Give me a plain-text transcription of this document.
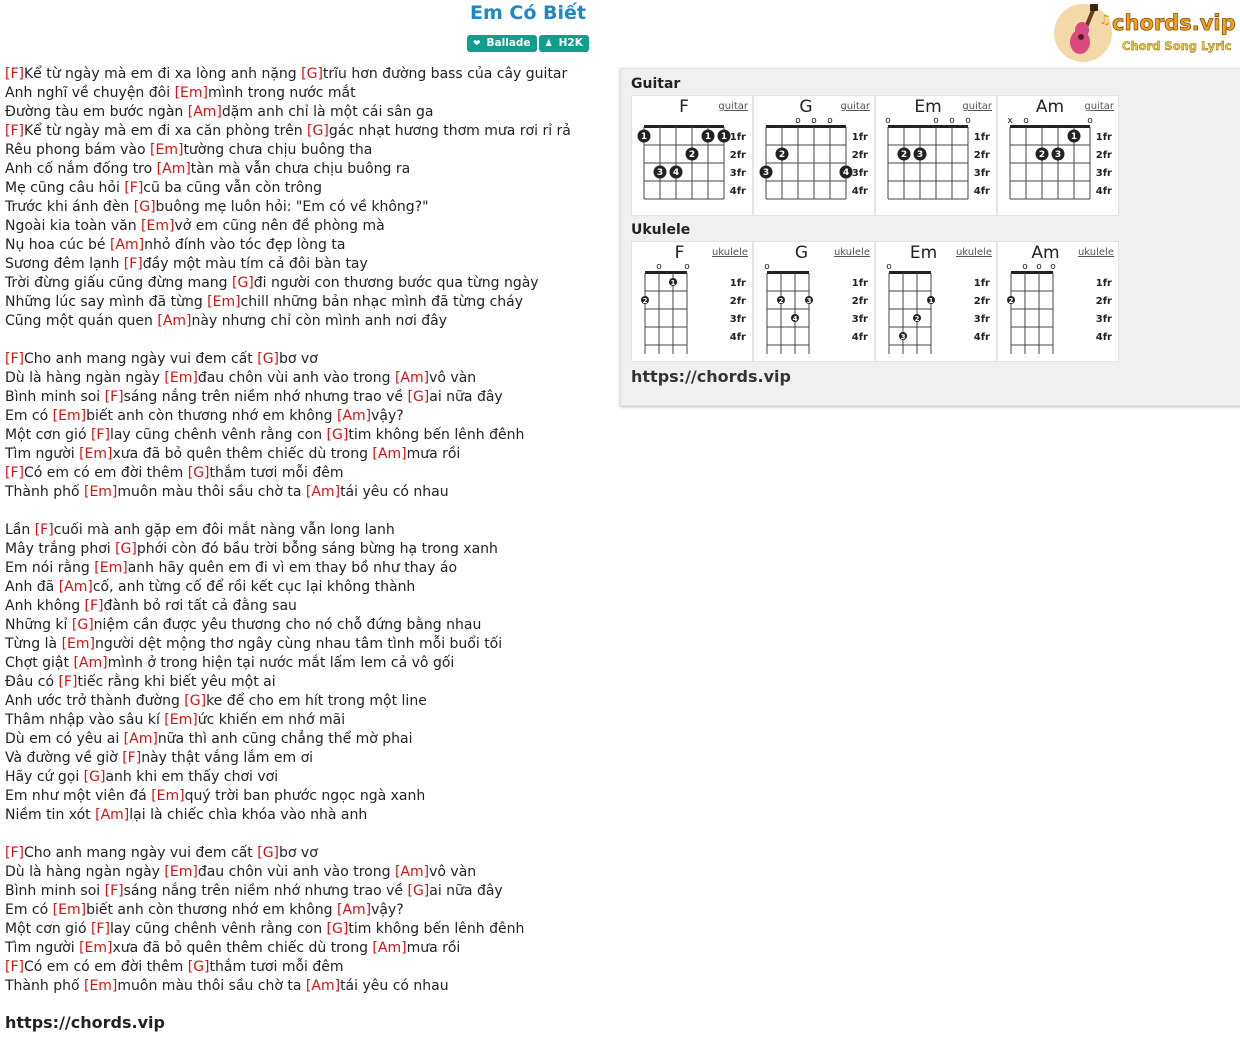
Em Có Biết
❤ Ballade ♟ H2K
♫ chords.vip
Chord Song Lyric
[F]Kể từ ngày mà em đi xa lòng anh nặng [G]trĩu hơn đường bass của cây guitar
Anh nghĩ về chuyện đôi [Em]mình trong nước mắt
Đường tàu em bước ngàn [Am]dặm anh chỉ là một cái sân ga
[F]Kể từ ngày mà em đi xa căn phòng trên [G]gác nhạt hương thơm mưa rơi rỉ rả
Rêu phong bám vào [Em]tường chưa chịu buông tha
Anh cố nắm đống tro [Am]tàn mà vẫn chưa chịu buông ra
Mẹ cũng câu hỏi [F]cũ ba cũng vẫn còn trông
Trước khi ánh đèn [G]buông mẹ luôn hỏi: "Em có về không?"
Ngoài kia toàn văn [Em]vở em cũng nên đề phòng mà
Nụ hoa cúc bé [Am]nhỏ đính vào tóc đẹp lòng ta
Sương đêm lạnh [F]đầy một màu tím cả đôi bàn tay
Trời đừng giấu cũng đừng mang [G]đi người con thương bước qua từng ngày
Những lúc say mình đã từng [Em]chill những bản nhạc mình đã từng cháy
Cũng một quán quen [Am]này nhưng chỉ còn mình anh nơi đây
[F]Cho anh mang ngày vui đem cất [G]bơ vơ
Dù là hàng ngàn ngày [Em]đau chôn vùi anh vào trong [Am]vô vàn
Bình minh soi [F]sáng nắng trên niềm nhớ nhưng trao về [G]ai nữa đây
Em có [Em]biết anh còn thương nhớ em không [Am]vậy?
Một cơn gió [F]lay cũng chênh vênh rằng con [G]tim không bến lênh đênh
Tìm người [Em]xưa đã bỏ quên thêm chiếc dù trong [Am]mưa rồi
[F]Có em có em đời thêm [G]thắm tươi mỗi đêm
Thành phố [Em]muôn màu thôi sầu chờ ta [Am]tái yêu có nhau
Lần [F]cuối mà anh gặp em đôi mắt nàng vẫn long lanh
Mây trắng phơi [G]phới còn đó bầu trời bỗng sáng bừng hạ trong xanh
Em nói rằng [Em]anh hãy quên em đi vì em thay bồ như thay áo
Anh đã [Am]cố, anh từng cố để rồi kết cục lại không thành
Anh không [F]đành bỏ rơi tất cả đằng sau
Những kỉ [G]niệm cần được yêu thương cho nó chỗ đứng bằng nhau
Từng là [Em]người dệt mộng thơ ngây cùng nhau tâm tình mỗi buổi tối
Chợt giật [Am]mình ở trong hiện tại nước mắt lấm lem cả vô gối
Đâu có [F]tiếc rằng khi biết yêu một ai
Anh ước trở thành đường [G]ke để cho em hít trong một line
Thâm nhập vào sâu kí [Em]ức khiến em nhớ mãi
Dù em có yêu ai [Am]nữa thì anh cũng chẳng thể mờ phai
Và đường về giờ [F]này thật vắng lắm em ơi
Hãy cứ gọi [G]anh khi em thấy chơi vơi
Em như một viên đá [Em]quý trời ban phước ngọc ngà xanh
Niềm tin xót [Am]lại là chiếc chìa khóa vào nhà anh
[F]Cho anh mang ngày vui đem cất [G]bơ vơ
Dù là hàng ngàn ngày [Em]đau chôn vùi anh vào trong [Am]vô vàn
Bình minh soi [F]sáng nắng trên niềm nhớ nhưng trao về [G]ai nữa đây
Em có [Em]biết anh còn thương nhớ em không [Am]vậy?
Một cơn gió [F]lay cũng chênh vênh rằng con [G]tim không bến lênh đênh
Tìm người [Em]xưa đã bỏ quên thêm chiếc dù trong [Am]mưa rồi
[F]Có em có em đời thêm [G]thắm tươi mỗi đêm
Thành phố [Em]muôn màu thôi sầu chờ ta [Am]tái yêu có nhau
https://chords.vip
Guitar
F	guitar
1
3 4
2
1 1 1fr
2fr
3fr
4fr
G	guitar
o o o
3
2
4
1fr
2fr
3fr
4fr
Em	guitar
o	o o o
2 3
1fr
2fr
3fr
4fr
Am	guitar
x o	o
2 3
1 1fr
2fr
3fr
4fr
Ukulele
F	ukulele
o o
2
1	1fr
2fr
3fr
4fr
G	ukulele
o
2
4
3
1fr
2fr
3fr
4fr
Em	ukulele
o
3
2
1
1fr
2fr
3fr
4fr
Am	ukulele
o o o
2
1fr
2fr
3fr
4fr
https://chords.vip
